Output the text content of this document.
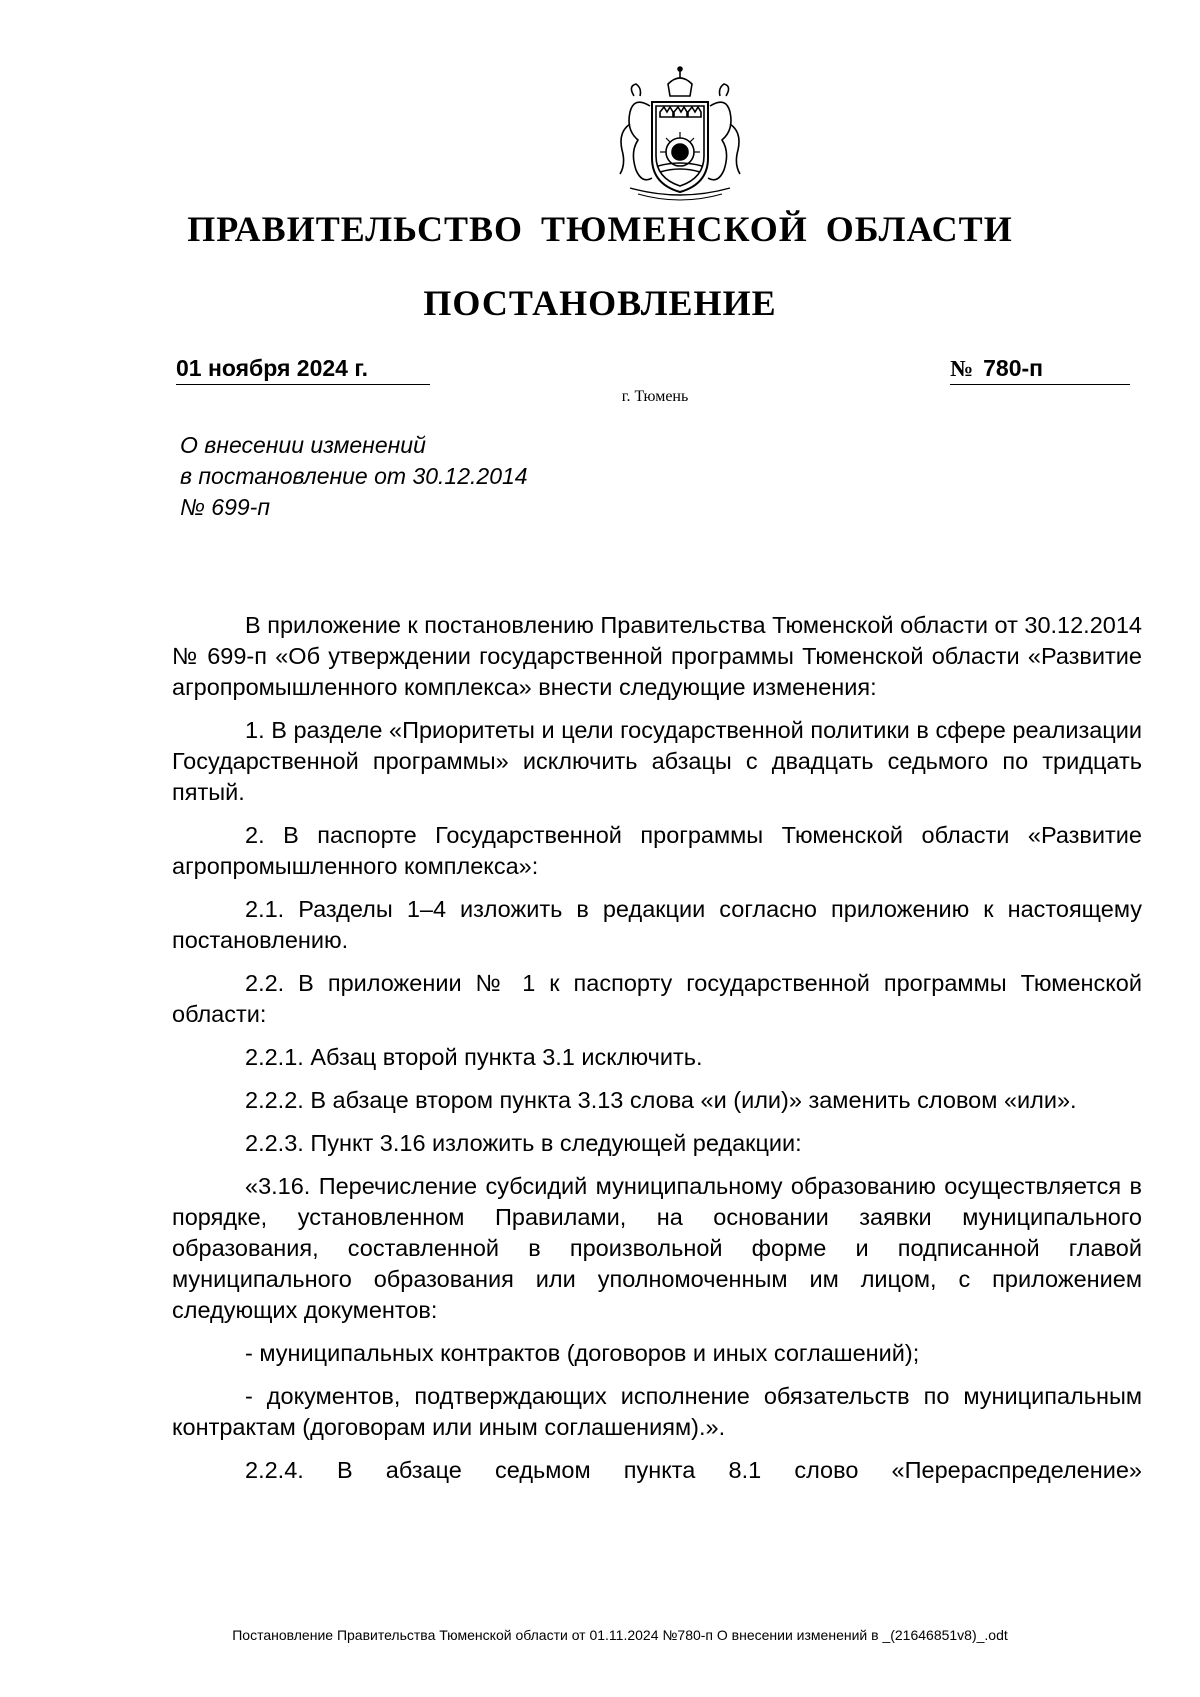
ПРАВИТЕЛЬСТВО ТЮМЕНСКОЙ ОБЛАСТИ
ПОСТАНОВЛЕНИЕ
01 ноября 2024 г.	№ 780-п
г. Тюмень
О внесении изменений
в постановление от 30.12.2014
№ 699-п

В приложение к постановлению Правительства Тюменской области от 30.12.2014 № 699-п «Об утверждении государственной программы Тюменской области «Развитие агропромышленного комплекса» внести следующие изменения:

1. В разделе «Приоритеты и цели государственной политики в сфере реализации Государственной программы» исключить абзацы с двадцать седьмого по тридцать пятый.

2. В паспорте Государственной программы Тюменской области «Развитие агропромышленного комплекса»:

2.1. Разделы 1–4 изложить в редакции согласно приложению к настоящему постановлению.

2.2. В приложении № 1 к паспорту государственной программы Тюменской области:

2.2.1. Абзац второй пункта 3.1 исключить.

2.2.2. В абзаце втором пункта 3.13 слова «и (или)» заменить словом «или».

2.2.3. Пункт 3.16 изложить в следующей редакции:

«3.16. Перечисление субсидий муниципальному образованию осуществляется в порядке, установленном Правилами, на основании заявки муниципального образования, составленной в произвольной форме и подписанной главой муниципального образования или уполномоченным им лицом, с приложением следующих документов:

- муниципальных контрактов (договоров и иных соглашений);

- документов, подтверждающих исполнение обязательств по муниципальным контрактам (договорам или иным соглашениям).».

2.2.4. В абзаце седьмом пункта 8.1 слово «Перераспределение»

Постановление Правительства Тюменской области от 01.11.2024 №780-п О внесении изменений в _(21646851v8)_.odt
